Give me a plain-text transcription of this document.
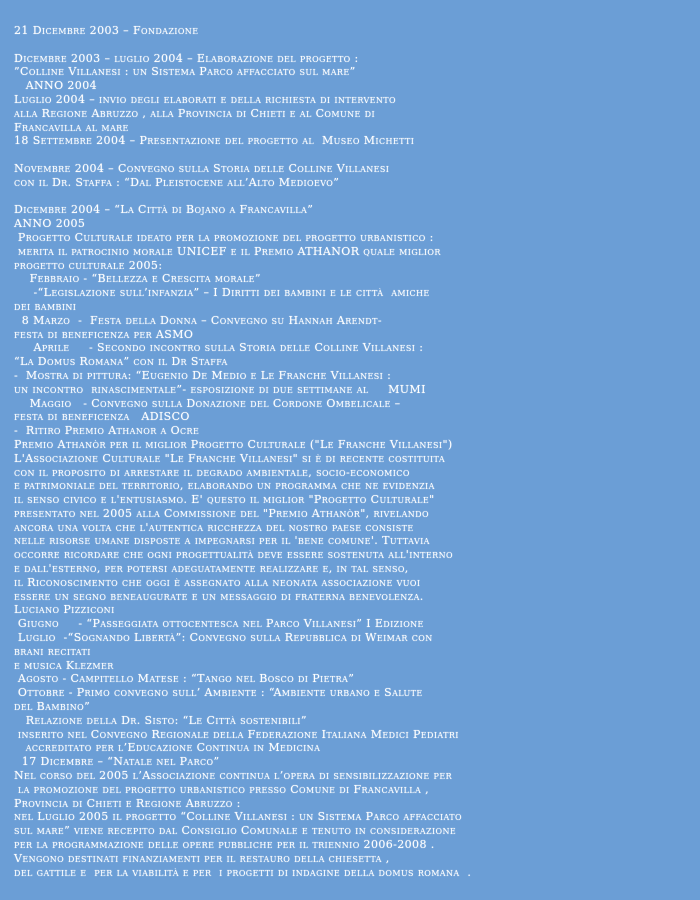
21 Dicembre 2003 – Fondazione
Dicembre 2003 – luglio 2004 – Elaborazione del progetto :
”Colline Villanesi : un Sistema Parco affacciato sul mare”
ANNO 2004
Luglio 2004 – invio degli elaborati e della richiesta di intervento
alla Regione Abruzzo , alla Provincia di Chieti e al Comune di
Francavilla al mare
18 Settembre 2004 – Presentazione del progetto al  Museo Michetti
Novembre 2004 – Convegno sulla Storia delle Colline Villanesi
con il Dr. Staffa : “Dal Pleistocene all’Alto Medioevo”
Dicembre 2004 – “La Città di Bojano a Francavilla”
ANNO 2005
Progetto Culturale ideato per la promozione del progetto urbanistico :
merita il patrocinio morale UNICEF e il Premio ATHANOR quale miglior
progetto culturale 2005:
Febbraio - “Bellezza e Crescita morale”
-“Legislazione sull’infanzia” – I Diritti dei bambini e le città  amiche
dei bambini
8 Marzo  -  Festa della Donna – Convegno su Hannah Arendt-
festa di beneficenza per ASMO
Aprile     - Secondo incontro sulla Storia delle Colline Villanesi :
“La Domus Romana” con il Dr Staffa
-  Mostra di pittura: “Eugenio De Medio e Le Franche Villanesi :
un incontro  rinascimentale”- esposizione di due settimane al     MUMI
Maggio   - Convegno sulla Donazione del Cordone Ombelicale –
festa di beneficenza   ADISCO
-  Ritiro Premio Athanor a Ocre
Premio Athanòr per il miglior Progetto Culturale ("Le Franche Villanesi")
L'Associazione Culturale "Le Franche Villanesi" si è di recente costituita
con il proposito di arrestare il degrado ambientale, socio-economico
e patrimoniale del territorio, elaborando un programma che ne evidenzia
il senso civico e l'entusiasmo. E' questo il miglior "Progetto Culturale"
presentato nel 2005 alla Commissione del "Premio Athanòr", rivelando
ancora una volta che l'autentica ricchezza del nostro paese consiste
nelle risorse umane disposte a impegnarsi per il 'bene comune'. Tuttavia
occorre ricordare che ogni progettualità deve essere sostenuta all'interno
e dall'esterno, per potersi adeguatamente realizzare e, in tal senso,
il Riconoscimento che oggi è assegnato alla neonata associazione vuoi
essere un segno beneaugurate e un messaggio di fraterna benevolenza.
Luciano Pizziconi
Giugno     - “Passeggiata ottocentesca nel Parco Villanesi” I Edizione
Luglio  -“Sognando Libertà”: Convegno sulla Repubblica di Weimar con
brani recitati
e musica Klezmer
Agosto - Campitello Matese : “Tango nel Bosco di Pietra”
Ottobre - Primo convegno sull’ Ambiente : “Ambiente urbano e Salute
del Bambino”
Relazione della Dr. Sisto: “Le Città sostenibili”
inserito nel Convegno Regionale della Federazione Italiana Medici Pediatri
accreditato per l’Educazione Continua in Medicina
17 Dicembre – “Natale nel Parco”
Nel corso del 2005 l’Associazione continua l’opera di sensibilizzazione per
la promozione del progetto urbanistico presso Comune di Francavilla ,
Provincia di Chieti e Regione Abruzzo :
nel Luglio 2005 il progetto “Colline Villanesi : un Sistema Parco affacciato
sul mare” viene recepito dal Consiglio Comunale e tenuto in considerazione
per la programmazione delle opere pubbliche per il triennio 2006-2008 .
Vengono destinati finanziamenti per il restauro della chiesetta ,
del gattile e  per la viabilità e per  i progetti di indagine della domus romana  .
